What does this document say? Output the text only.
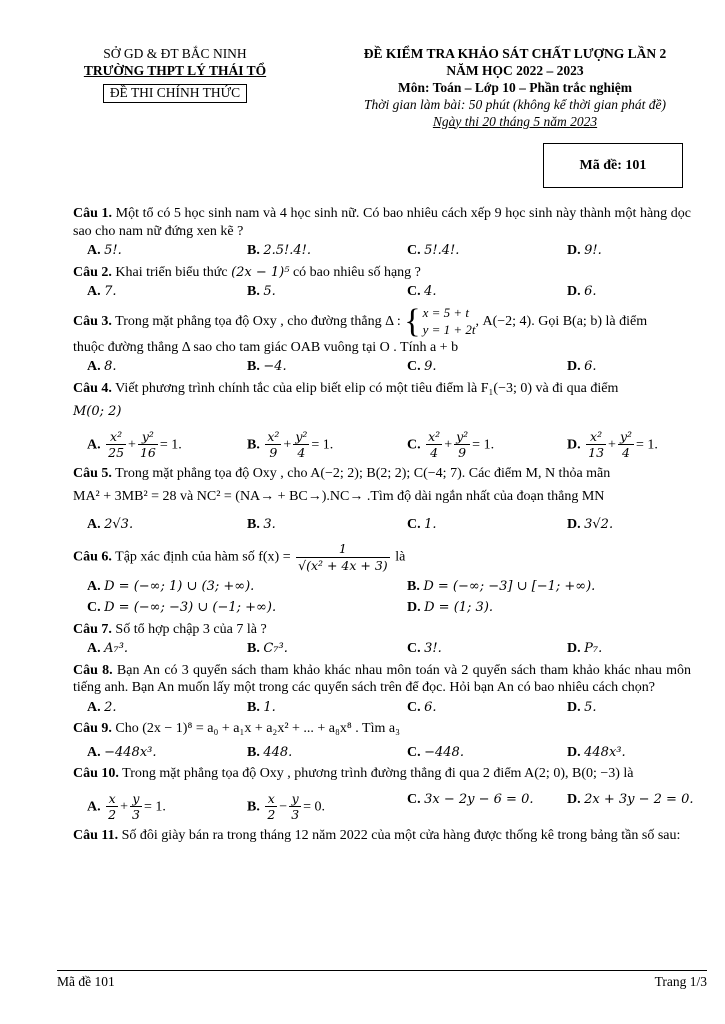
SỞ GD & ĐT BẮC NINH
TRƯỜNG THPT LÝ THÁI TỔ
ĐỀ THI CHÍNH THỨC
ĐỀ KIỂM TRA KHẢO SÁT CHẤT LƯỢNG LẦN 2
NĂM HỌC 2022 – 2023
Môn: Toán – Lớp 10 – Phần trắc nghiệm
Thời gian làm bài: 50 phút (không kể thời gian phát đề)
Ngày thi 20 tháng 5 năm 2023
Mã đề: 101

Câu 1. Một tổ có 5 học sinh nam và 4 học sinh nữ. Có bao nhiêu cách xếp 9 học sinh này thành một hàng dọc sao cho nam nữ đứng xen kẽ ?

A. 5!.	B. 2.5!.4!.	C. 5!.4!.	D. 9!.

Câu 2. Khai triển biểu thức (2x − 1)⁵ có bao nhiêu số hạng ?

A. 7.	B. 5.	C. 4.	D. 6.

Câu 3. Trong mặt phẳng tọa độ Oxy , cho đường thẳng Δ : { x = 5 + t
y = 1 + 2t
, A(−2; 4). Gọi B(a; b) là điểm

thuộc đường thẳng Δ sao cho tam giác OAB vuông tại O . Tính a + b

A. 8.	B. −4.	C. 9.	D. 6.

Câu 4. Viết phương trình chính tắc của elip biết elip có một tiêu điểm là F₁(−3; 0) và đi qua điểm

M(0; 2)

A. $\frac{\text{x²}}{25} + \frac{\text{y²}}{16} = 1$.	B. $\frac{\text{x²}}{9} + \frac{\text{y²}}{4} = 1$.	C. $\frac{\text{x²}}{4} + \frac{\text{y²}}{9} = 1$.	D. $\frac{\text{x²}}{13} + \frac{\text{y²}}{4} = 1$.

Câu 5. Trong mặt phẳng tọa độ Oxy , cho A(−2; 2); B(2; 2); C(−4; 7). Các điểm M, N thỏa mãn

MA² + 3MB² = 28 và NC² = (NA→ + BC→).NC→ .Tìm độ dài ngắn nhất của đoạn thẳng MN

A. 2√3.	B. 3.	C. 1.	D. 3√2.

Câu 6. Tập xác định của hàm số $f(x) = \frac{1}{\text{√(x² + 4x + 3)}}$ là

A. D = (−∞; 1) ∪ (3; +∞).	B. D = (−∞; −3] ∪ [−1; +∞).
C. D = (−∞; −3) ∪ (−1; +∞).	D. D = (1; 3).

Câu 7. Số tổ hợp chập 3 của 7 là ?

A. A₇³.	B. C₇³.	C. 3!.	D. P₇.

Câu 8. Bạn An có 3 quyển sách tham khảo khác nhau môn toán và 2 quyển sách tham khảo khác nhau môn tiếng anh. Bạn An muốn lấy một trong các quyển sách trên để đọc. Hỏi bạn An có bao nhiêu cách chọn?

A. 2.	B. 1.	C. 6.	D. 5.

Câu 9. Cho (2x − 1)⁸ = a₀ + a₁x + a₂x² + ... + a₈x⁸ . Tìm a₃

A. −448x³.	B. 448.	C. −448.	D. 448x³.

Câu 10. Trong mặt phẳng tọa độ Oxy , phương trình đường thẳng đi qua 2 điểm A(2; 0), B(0; −3) là

A. $\frac{x}{2} + \frac{y}{3} = 1$.	B. $\frac{x}{2} - \frac{y}{3} = 0$.	C. 3x − 2y − 6 = 0.	D. 2x + 3y − 2 = 0.

Câu 11. Số đôi giày bán ra trong tháng 12 năm 2022 của một cửa hàng được thống kê trong bảng tần số sau:

Mã đề 101	Trang 1/3
